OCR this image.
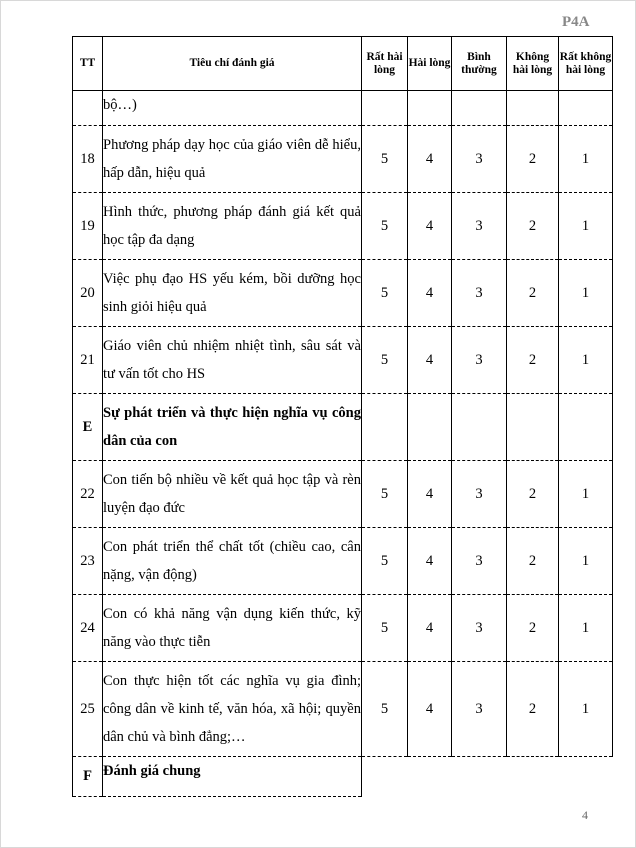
P4A
TT	Tiêu chí đánh giá	Rất hài lòng	Hài lòng	Bình thường	Không hài lòng	Rất không hài lòng
	bộ…)					
18	Phương pháp dạy học của giáo viên dễ hiểu, hấp dẫn, hiệu quả	5	4	3	2	1
19	Hình thức, phương pháp đánh giá kết quả học tập đa dạng	5	4	3	2	1
20	Việc phụ đạo HS yếu kém, bồi dưỡng học sinh giỏi hiệu quả	5	4	3	2	1
21	Giáo viên chủ nhiệm nhiệt tình, sâu sát và tư vấn tốt cho HS	5	4	3	2	1
E	Sự phát triển và thực hiện nghĩa vụ công dân của con					
22	Con tiến bộ nhiều về kết quả học tập và rèn luyện đạo đức	5	4	3	2	1
23	Con phát triển thể chất tốt (chiều cao, cân nặng, vận động)	5	4	3	2	1
24	Con có khả năng vận dụng kiến thức, kỹ năng vào thực tiễn	5	4	3	2	1
25	Con thực hiện tốt các nghĩa vụ gia đình; công dân về kinh tế, văn hóa, xã hội; quyền dân chủ và bình đẳng;…	5	4	3	2	1
F	Đánh giá chung					
4
